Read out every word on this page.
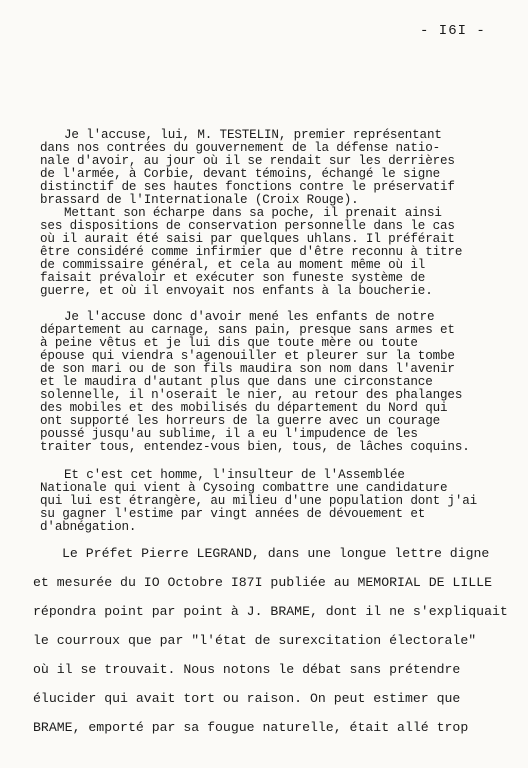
- I6I -
Je l'accuse, lui, M. TESTELIN, premier représentant
dans nos contrées du gouvernement de la défense natio-
nale d'avoir, au jour où il se rendait sur les derrières
de l'armée, à Corbie, devant témoins, échangé le signe
distinctif de ses hautes fonctions contre le préservatif
brassard de l'Internationale (Croix Rouge).
Mettant son écharpe dans sa poche, il prenait ainsi
ses dispositions de conservation personnelle dans le cas
où il aurait été saisi par quelques uhlans. Il préférait
être considéré comme infirmier que d'être reconnu à titre
de commissaire général, et cela au moment même où il
faisait prévaloir et exécuter son funeste système de
guerre, et où il envoyait nos enfants à la boucherie.
Je l'accuse donc d'avoir mené les enfants de notre
département au carnage, sans pain, presque sans armes et
à peine vêtus et je lui dis que toute mère ou toute
épouse qui viendra s'agenouiller et pleurer sur la tombe
de son mari ou de son fils maudira son nom dans l'avenir
et le maudira d'autant plus que dans une circonstance
solennelle, il n'oserait le nier, au retour des phalanges
des mobiles et des mobilisés du département du Nord qui
ont supporté les horreurs de la guerre avec un courage
poussé jusqu'au sublime, il a eu l'impudence de les
traiter tous, entendez-vous bien, tous, de lâches coquins.
Et c'est cet homme, l'insulteur de l'Assemblée
Nationale qui vient à Cysoing combattre une candidature
qui lui est étrangère, au milieu d'une population dont j'ai
su gagner l'estime par vingt années de dévouement et
d'abnégation.
Le Préfet Pierre LEGRAND, dans une longue lettre digne
et mesurée du IO Octobre I87I publiée au MEMORIAL DE LILLE
répondra point par point à J. BRAME, dont il ne s'expliquait
le courroux que par "l'état de surexcitation électorale"
où il se trouvait. Nous notons le débat sans prétendre
élucider qui avait tort ou raison. On peut estimer que
BRAME, emporté par sa fougue naturelle, était allé trop
